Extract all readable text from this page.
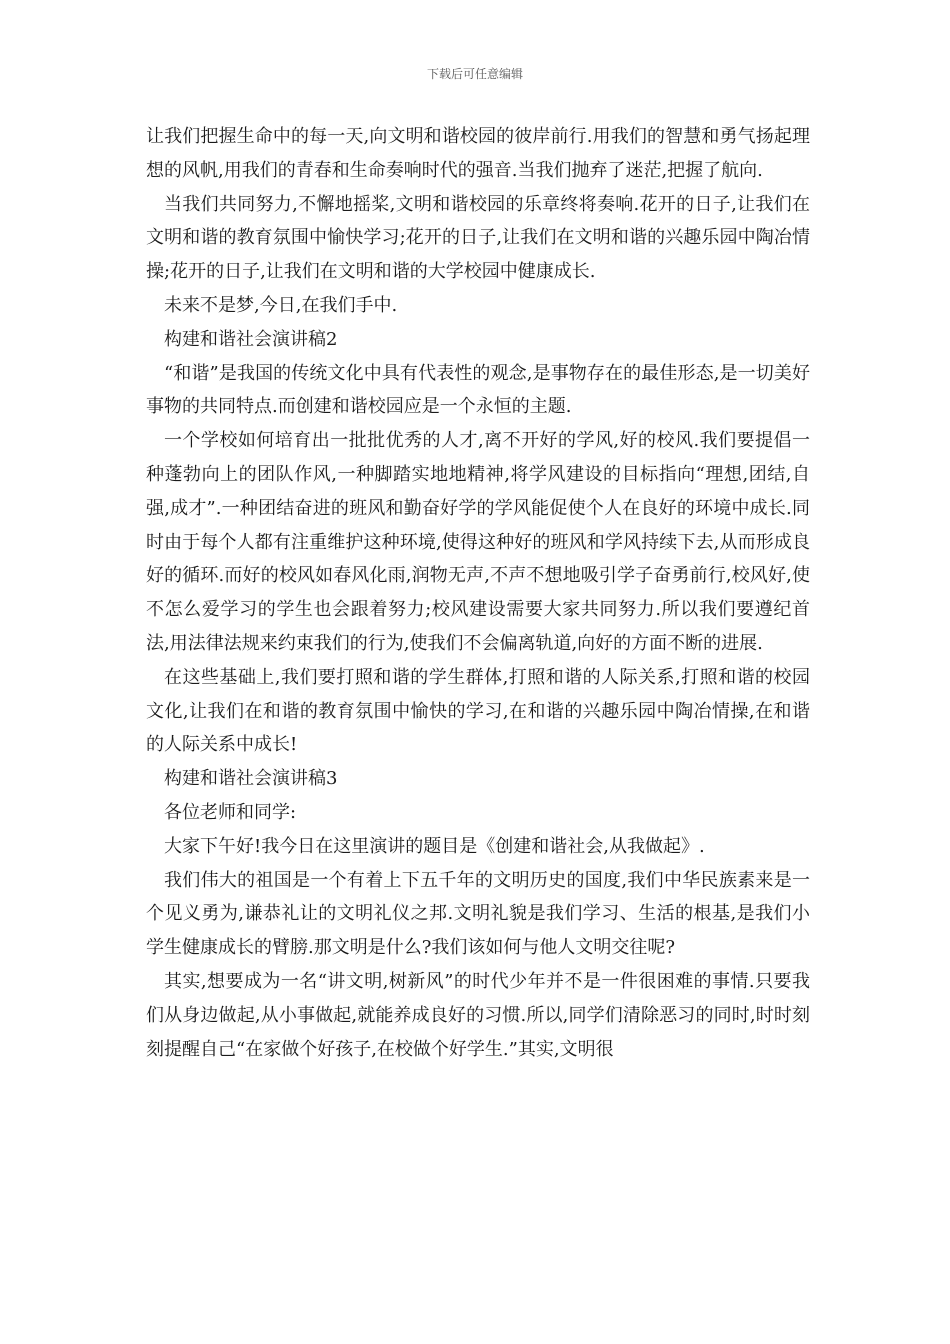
下载后可任意编辑

让我们把握生命中的每一天,向文明和谐校园的彼岸前行.用我们的智慧和勇气扬起理想的风帆,用我们的青春和生命奏响时代的强音.当我们抛弃了迷茫,把握了航向.

当我们共同努力,不懈地摇桨,文明和谐校园的乐章终将奏响.花开的日子,让我们在文明和谐的教育氛围中愉快学习;花开的日子,让我们在文明和谐的兴趣乐园中陶冶情操;花开的日子,让我们在文明和谐的大学校园中健康成长.

未来不是梦,今日,在我们手中.

构建和谐社会演讲稿2

“和谐”是我国的传统文化中具有代表性的观念,是事物存在的最佳形态,是一切美好事物的共同特点.而创建和谐校园应是一个永恒的主题.

一个学校如何培育出一批批优秀的人才,离不开好的学风,好的校风.我们要提倡一种蓬勃向上的团队作风,一种脚踏实地地精神,将学风建设的目标指向“理想,团结,自强,成才”.一种团结奋进的班风和勤奋好学的学风能促使个人在良好的环境中成长.同时由于每个人都有注重维护这种环境,使得这种好的班风和学风持续下去,从而形成良好的循环.而好的校风如春风化雨,润物无声,不声不想地吸引学子奋勇前行,校风好,使不怎么爱学习的学生也会跟着努力;校风建设需要大家共同努力.所以我们要遵纪首法,用法律法规来约束我们的行为,使我们不会偏离轨道,向好的方面不断的进展.

在这些基础上,我们要打照和谐的学生群体,打照和谐的人际关系,打照和谐的校园文化,让我们在和谐的教育氛围中愉快的学习,在和谐的兴趣乐园中陶冶情操,在和谐的人际关系中成长!

构建和谐社会演讲稿3

各位老师和同学:

大家下午好!我今日在这里演讲的题目是《创建和谐社会,从我做起》.

我们伟大的祖国是一个有着上下五千年的文明历史的国度,我们中华民族素来是一个见义勇为,谦恭礼让的文明礼仪之邦.文明礼貌是我们学习、生活的根基,是我们小学生健康成长的臂膀.那文明是什么?我们该如何与他人文明交往呢?

其实,想要成为一名“讲文明,树新风”的时代少年并不是一件很困难的事情.只要我们从身边做起,从小事做起,就能养成良好的习惯.所以,同学们清除恶习的同时,时时刻刻提醒自己“在家做个好孩子,在校做个好学生.”其实,文明很
